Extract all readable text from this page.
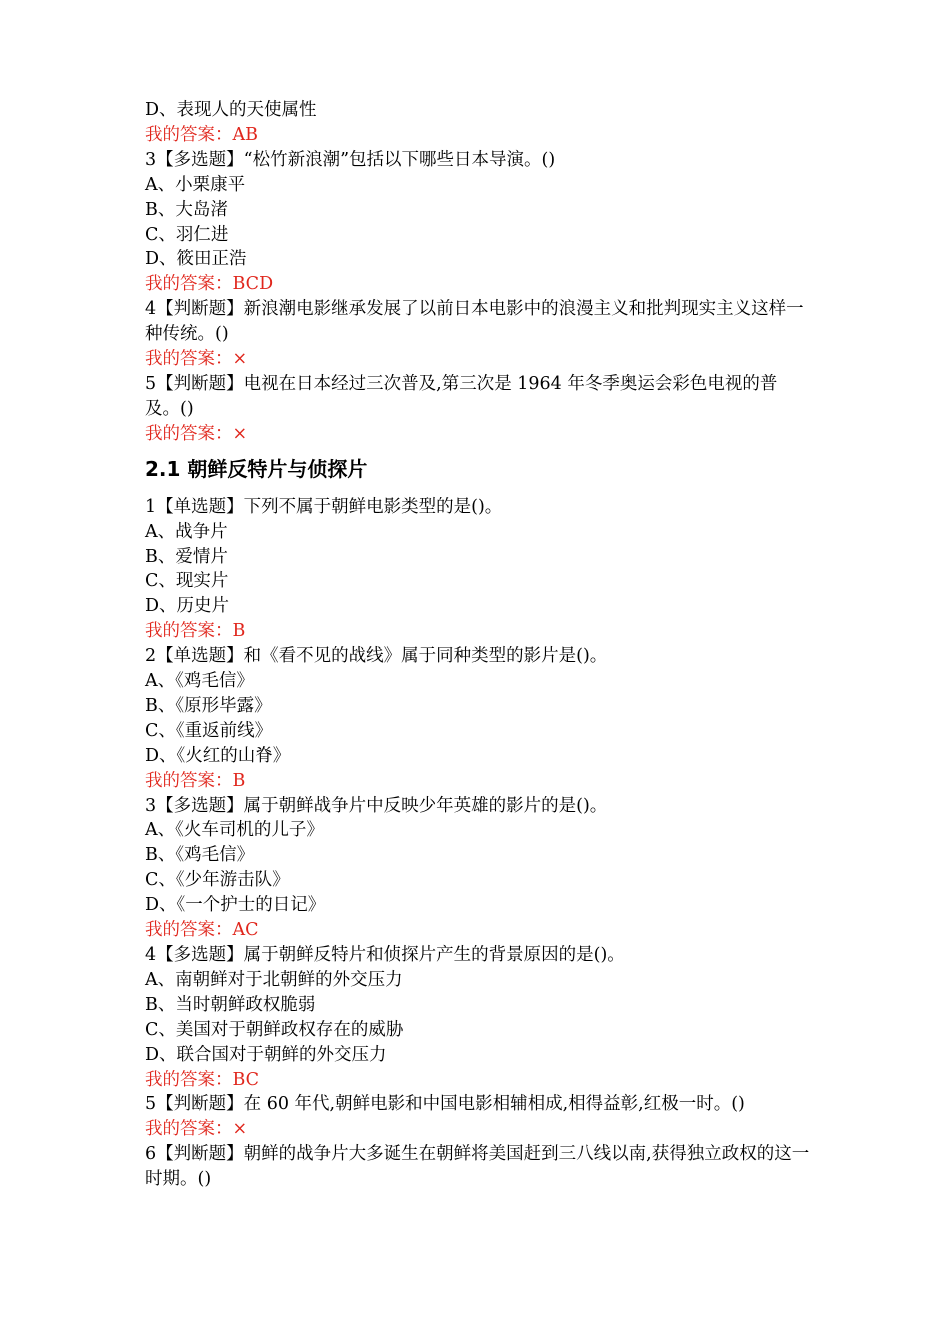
D、表现人的天使属性

我的答案：AB

3【多选题】“松竹新浪潮”包括以下哪些日本导演。()

A、小栗康平

B、大岛渚

C、羽仁进

D、筱田正浩

我的答案：BCD

4【判断题】新浪潮电影继承发展了以前日本电影中的浪漫主义和批判现实主义这样一种传统。()

我的答案：×

5【判断题】电视在日本经过三次普及,第三次是 1964 年冬季奥运会彩色电视的普及。()

我的答案：×

2.1 朝鲜反特片与侦探片

1【单选题】下列不属于朝鲜电影类型的是()。

A、战争片

B、爱情片

C、现实片

D、历史片

我的答案：B

2【单选题】和《看不见的战线》属于同种类型的影片是()。

A、《鸡毛信》

B、《原形毕露》

C、《重返前线》

D、《火红的山脊》

我的答案：B

3【多选题】属于朝鲜战争片中反映少年英雄的影片的是()。

A、《火车司机的儿子》

B、《鸡毛信》

C、《少年游击队》

D、《一个护士的日记》

我的答案：AC

4【多选题】属于朝鲜反特片和侦探片产生的背景原因的是()。

A、南朝鲜对于北朝鲜的外交压力

B、当时朝鲜政权脆弱

C、美国对于朝鲜政权存在的威胁

D、联合国对于朝鲜的外交压力

我的答案：BC

5【判断题】在 60 年代,朝鲜电影和中国电影相辅相成,相得益彰,红极一时。()

我的答案：×

6【判断题】朝鲜的战争片大多诞生在朝鲜将美国赶到三八线以南,获得独立政权的这一时期。()
